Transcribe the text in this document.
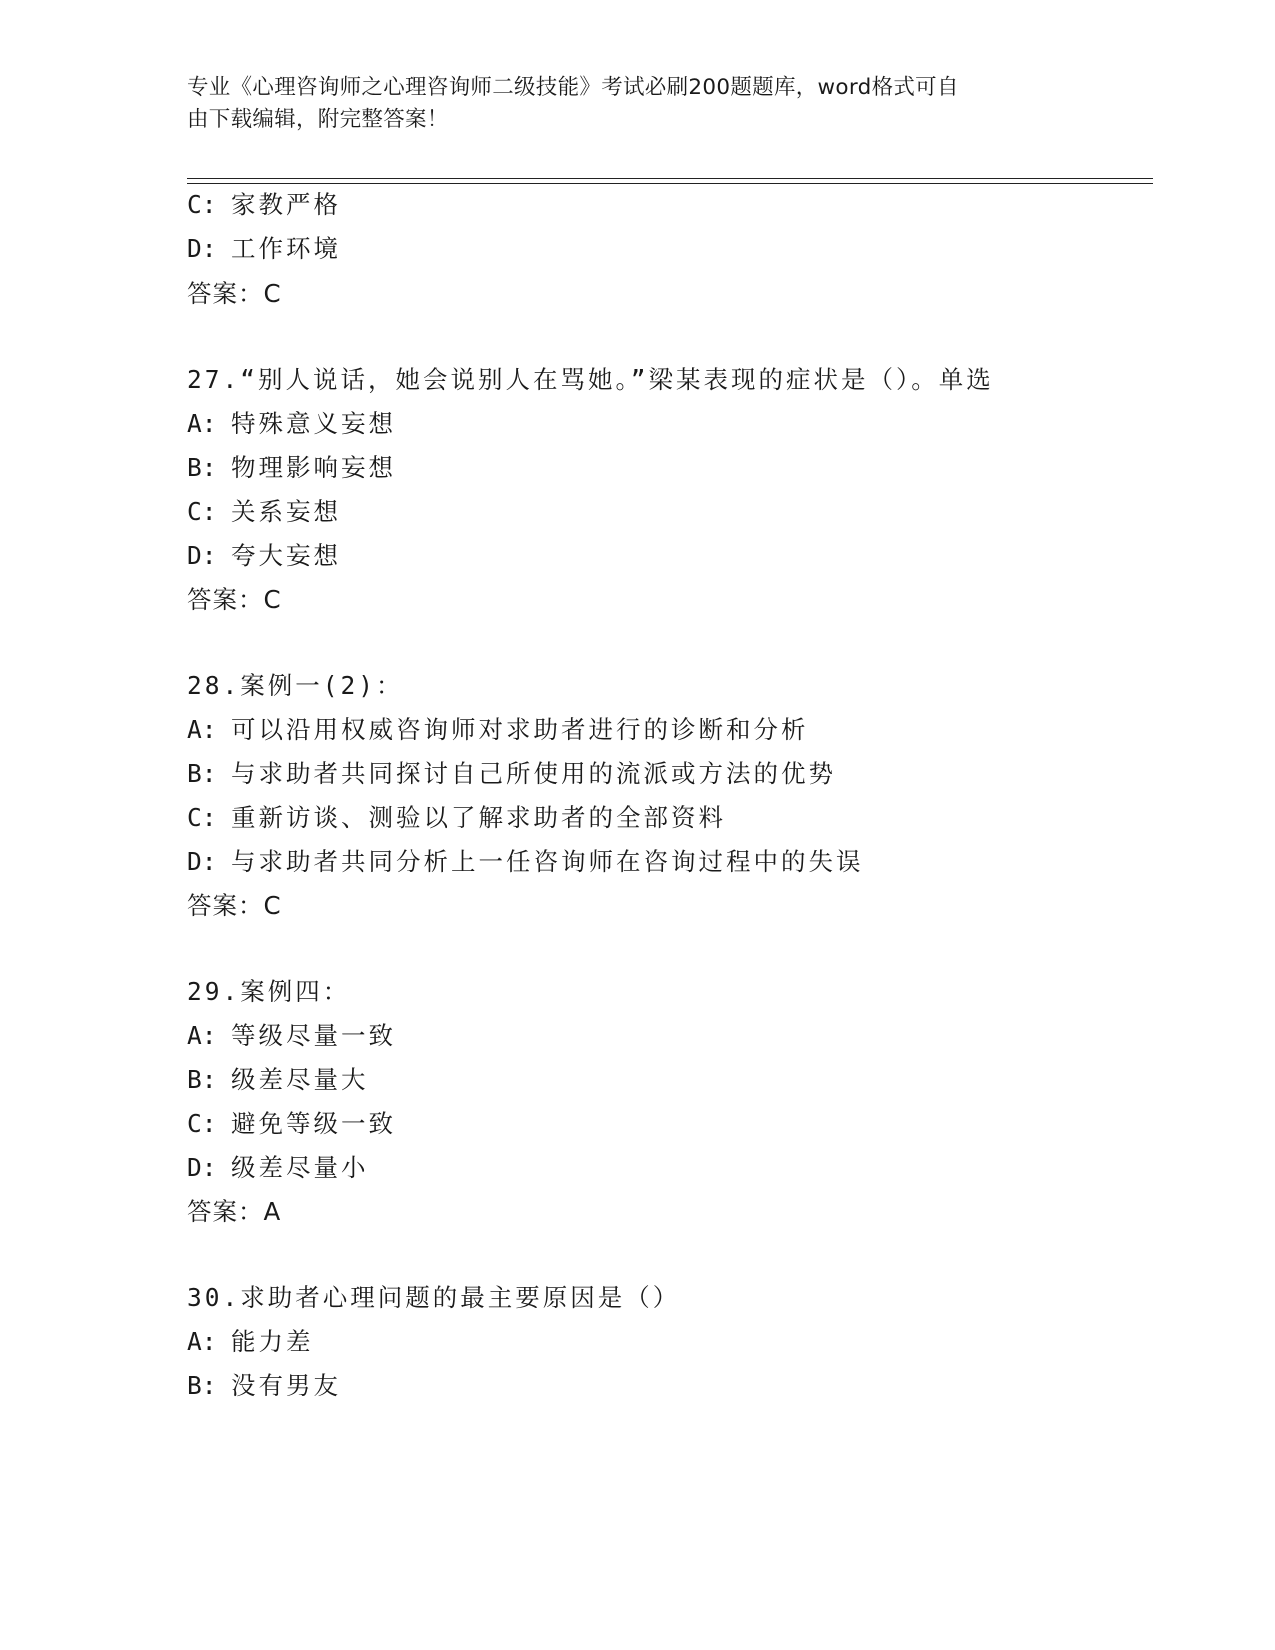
专业《心理咨询师之心理咨询师二级技能》考试必刷200题题库，word格式可自
由下载编辑，附完整答案！
C: 家教严格
D: 工作环境
答案：C
27.“别人说话，她会说别人在骂她。”梁某表现的症状是（）。单选
A: 特殊意义妄想
B: 物理影响妄想
C: 关系妄想
D: 夸大妄想
答案：C
28.案例一(2)：
A: 可以沿用权威咨询师对求助者进行的诊断和分析
B: 与求助者共同探讨自己所使用的流派或方法的优势
C: 重新访谈、测验以了解求助者的全部资料
D: 与求助者共同分析上一任咨询师在咨询过程中的失误
答案：C
29.案例四：
A: 等级尽量一致
B: 级差尽量大
C: 避免等级一致
D: 级差尽量小
答案：A
30.求助者心理问题的最主要原因是（）
A: 能力差
B: 没有男友
